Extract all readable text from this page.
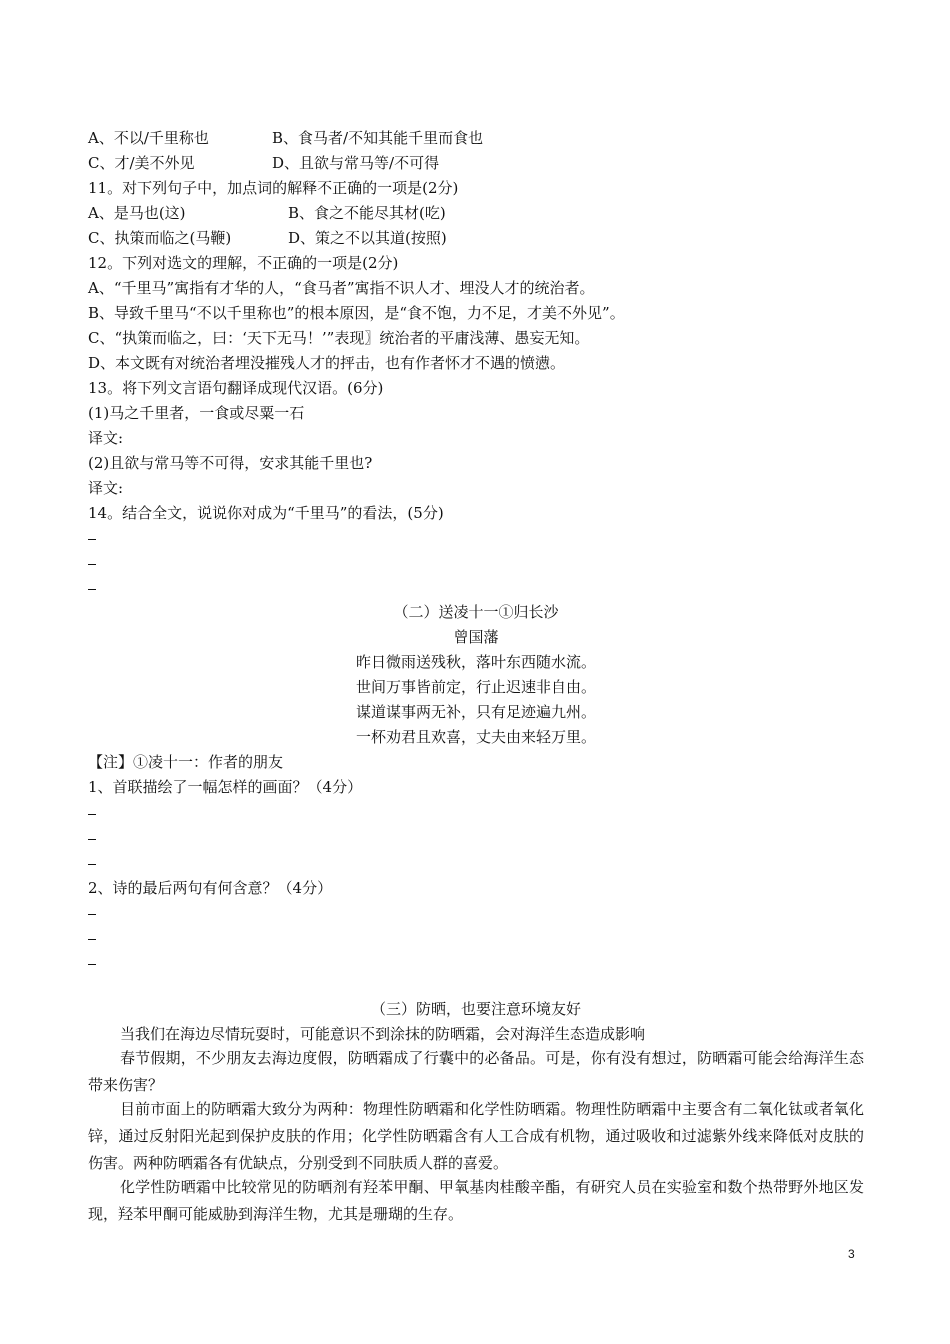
A、不以/千里称也	B、食马者/不知其能千里而食也
C、才/美不外见	D、且欲与常马等/不可得
11。对下列句子中，加点词的解释不正确的一项是(2分)
A、是马也(这)	B、食之不能尽其材(吃)
C、执策而临之(马鞭)	D、策之不以其道(按照)
12。下列对选文的理解，不正确的一项是(2分)
A、“千里马”寓指有才华的人，“食马者”寓指不识人才、埋没人才的统治者。
B、导致千里马“不以千里称也”的根本原因，是“食不饱，力不足，才美不外见”。
C、“执策而临之，曰：‘天下无马！’”表现〗统治者的平庸浅薄、愚妄无知。
D、本文既有对统治者埋没摧残人才的抨击，也有作者怀才不遇的愤懑。
13。将下列文言语句翻译成现代汉语。(6分)
(1)马之千里者，一食或尽粟一石
译文:
(2)且欲与常马等不可得，安求其能千里也?
译文:
14。结合全文，说说你对成为“千里马”的看法，(5分)
（二）送凌十一①归长沙
曾国藩
昨日微雨送残秋，落叶东西随水流。
世间万事皆前定，行止迟速非自由。
谋道谋事两无补，只有足迹遍九州。
一杯劝君且欢喜，丈夫由来轻万里。
【注】①凌十一：作者的朋友
1、首联描绘了一幅怎样的画面？（4分）
2、诗的最后两句有何含意？（4分）
（三）防晒，也要注意环境友好
当我们在海边尽情玩耍时，可能意识不到涂抹的防晒霜，会对海洋生态造成影响
春节假期，不少朋友去海边度假，防晒霜成了行囊中的必备品。可是，你有没有想过，防晒霜可能会给海洋生态带来伤害？
目前市面上的防晒霜大致分为两种：物理性防晒霜和化学性防晒霜。物理性防晒霜中主要含有二氧化钛或者氧化锌，通过反射阳光起到保护皮肤的作用；化学性防晒霜含有人工合成有机物，通过吸收和过滤紫外线来降低对皮肤的伤害。两种防晒霜各有优缺点，分别受到不同肤质人群的喜爱。
化学性防晒霜中比较常见的防晒剂有羟苯甲酮、甲氧基肉桂酸辛酯，有研究人员在实验室和数个热带野外地区发现，羟苯甲酮可能威胁到海洋生物，尤其是珊瑚的生存。
3
